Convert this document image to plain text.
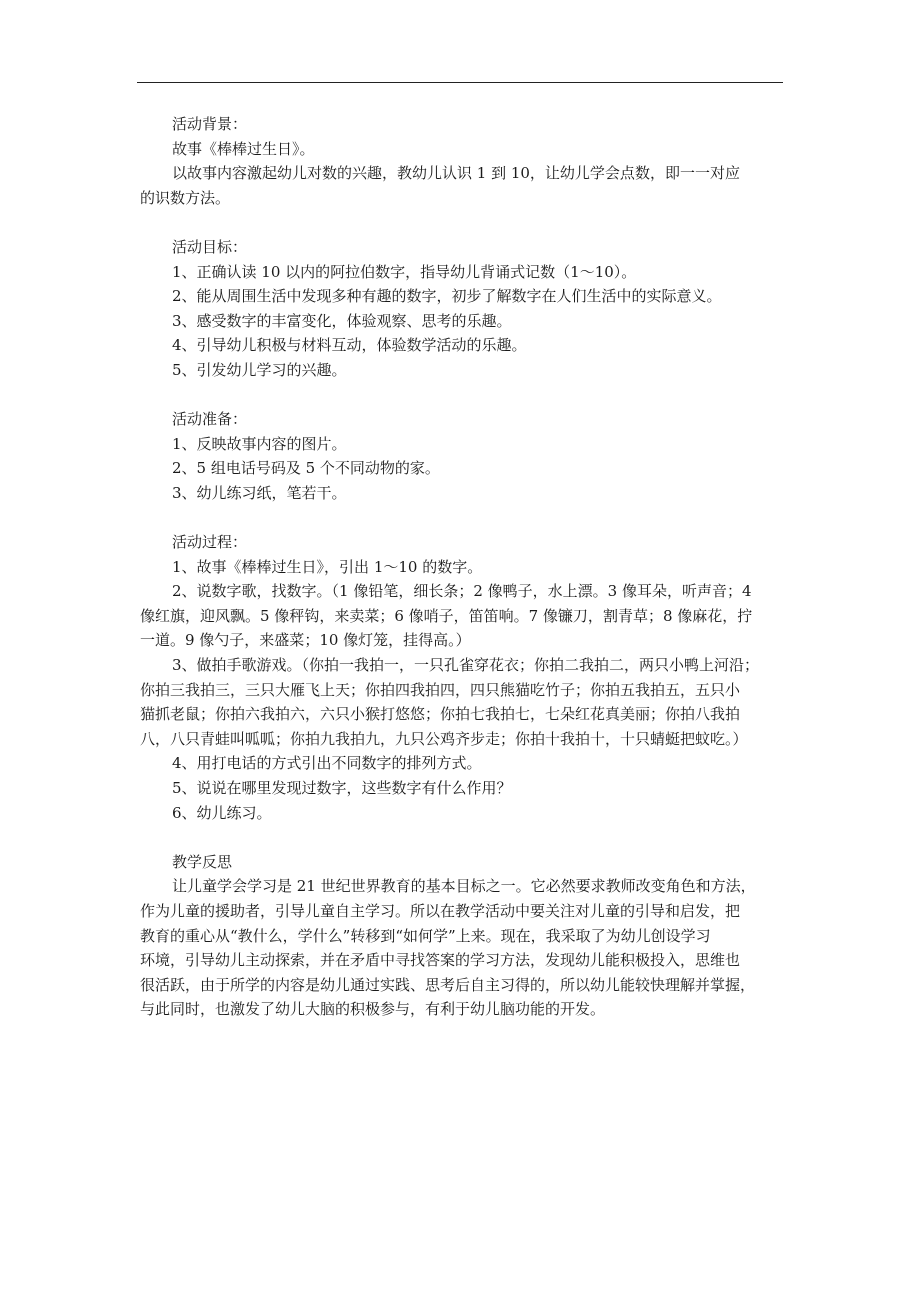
活动背景：
故事《棒棒过生日》。
以故事内容激起幼儿对数的兴趣，教幼儿认识 1 到 10，让幼儿学会点数，即一一对应
的识数方法。
活动目标：
1、正确认读 10 以内的阿拉伯数字，指导幼儿背诵式记数（1～10）。
2、能从周围生活中发现多种有趣的数字，初步了解数字在人们生活中的实际意义。
3、感受数字的丰富变化，体验观察、思考的乐趣。
4、引导幼儿积极与材料互动，体验数学活动的乐趣。
5、引发幼儿学习的兴趣。
活动准备：
1、反映故事内容的图片。
2、5 组电话号码及 5 个不同动物的家。
3、幼儿练习纸，笔若干。
活动过程：
1、故事《棒棒过生日》，引出 1～10 的数字。
2、说数字歌，找数字。（1 像铅笔，细长条；2 像鸭子，水上漂。3 像耳朵，听声音；4
像红旗，迎风飘。5 像秤钩，来卖菜；6 像哨子，笛笛响。7 像镰刀，割青草；8 像麻花，拧
一道。9 像勺子，来盛菜；10 像灯笼，挂得高。）
3、做拍手歌游戏。（你拍一我拍一，一只孔雀穿花衣；你拍二我拍二，两只小鸭上河沿；
你拍三我拍三，三只大雁飞上天；你拍四我拍四，四只熊猫吃竹子；你拍五我拍五，五只小
猫抓老鼠；你拍六我拍六，六只小猴打悠悠；你拍七我拍七，七朵红花真美丽；你拍八我拍
八，八只青蛙叫呱呱；你拍九我拍九，九只公鸡齐步走；你拍十我拍十，十只蜻蜓把蚊吃。）
4、用打电话的方式引出不同数字的排列方式。
5、说说在哪里发现过数字，这些数字有什么作用？
6、幼儿练习。
教学反思
让儿童学会学习是 21 世纪世界教育的基本目标之一。它必然要求教师改变角色和方法，
作为儿童的援助者，引导儿童自主学习。所以在教学活动中要关注对儿童的引导和启发，把
教育的重心从“教什么，学什么”转移到“如何学”上来。现在，我采取了为幼儿创设学习
环境，引导幼儿主动探索，并在矛盾中寻找答案的学习方法，发现幼儿能积极投入，思维也
很活跃，由于所学的内容是幼儿通过实践、思考后自主习得的，所以幼儿能较快理解并掌握，
与此同时，也激发了幼儿大脑的积极参与，有利于幼儿脑功能的开发。
